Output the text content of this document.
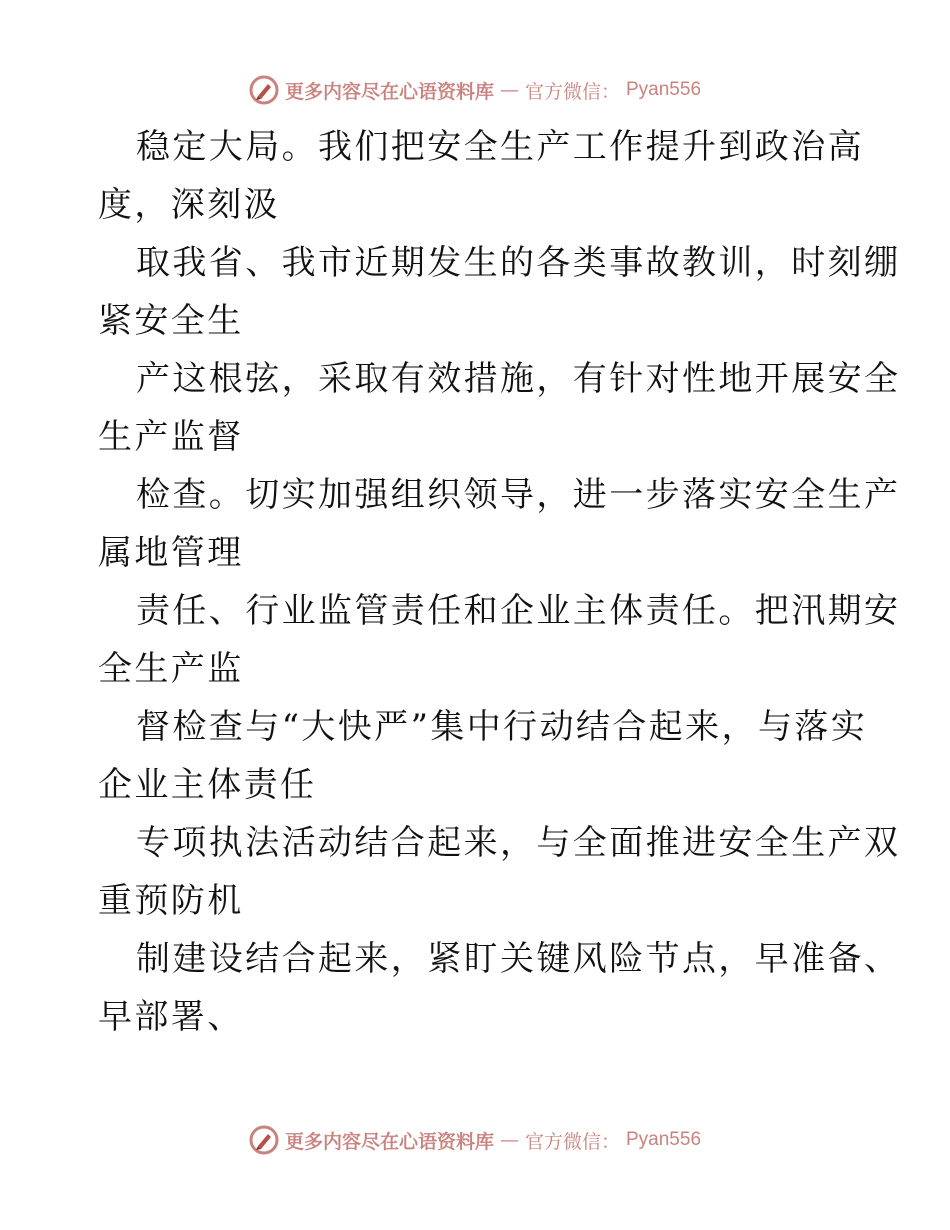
更多内容尽在心语资料库 — 官方微信： Pyan556

稳定大局。我们把安全生产工作提升到政治高

度，深刻汲

取我省、我市近期发生的各类事故教训，时刻绷

紧安全生

产这根弦，采取有效措施，有针对性地开展安全

生产监督

检查。切实加强组织领导，进一步落实安全生产

属地管理

责任、行业监管责任和企业主体责任。把汛期安

全生产监

督检查与“大快严”集中行动结合起来，与落实

企业主体责任

专项执法活动结合起来，与全面推进安全生产双

重预防机

制建设结合起来，紧盯关键风险节点，早准备、

早部署、

更多内容尽在心语资料库 — 官方微信： Pyan556
